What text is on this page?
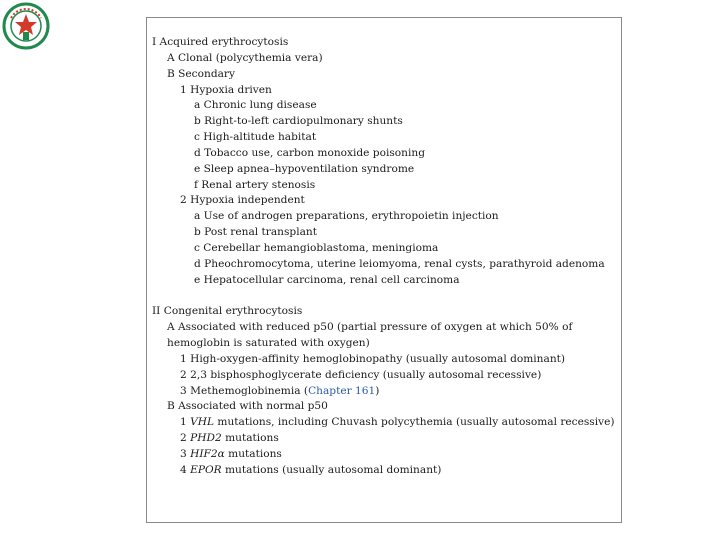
I Acquired erythrocytosis
A Clonal (polycythemia vera)
B Secondary
1 Hypoxia driven
a Chronic lung disease
b Right-to-left cardiopulmonary shunts
c High-altitude habitat
d Tobacco use, carbon monoxide poisoning
e Sleep apnea–hypoventilation syndrome
f Renal artery stenosis
2 Hypoxia independent
a Use of androgen preparations, erythropoietin injection
b Post renal transplant
c Cerebellar hemangioblastoma, meningioma
d Pheochromocytoma, uterine leiomyoma, renal cysts, parathyroid adenoma
e Hepatocellular carcinoma, renal cell carcinoma
II Congenital erythrocytosis
A Associated with reduced p50 (partial pressure of oxygen at which 50% of hemoglobin is saturated with oxygen)
1 High-oxygen-affinity hemoglobinopathy (usually autosomal dominant)
2 2,3 bisphosphoglycerate deficiency (usually autosomal recessive)
3 Methemoglobinemia (Chapter 161)
B Associated with normal p50
1 VHL mutations, including Chuvash polycythemia (usually autosomal recessive)
2 PHD2 mutations
3 HIF2α mutations
4 EPOR mutations (usually autosomal dominant)
